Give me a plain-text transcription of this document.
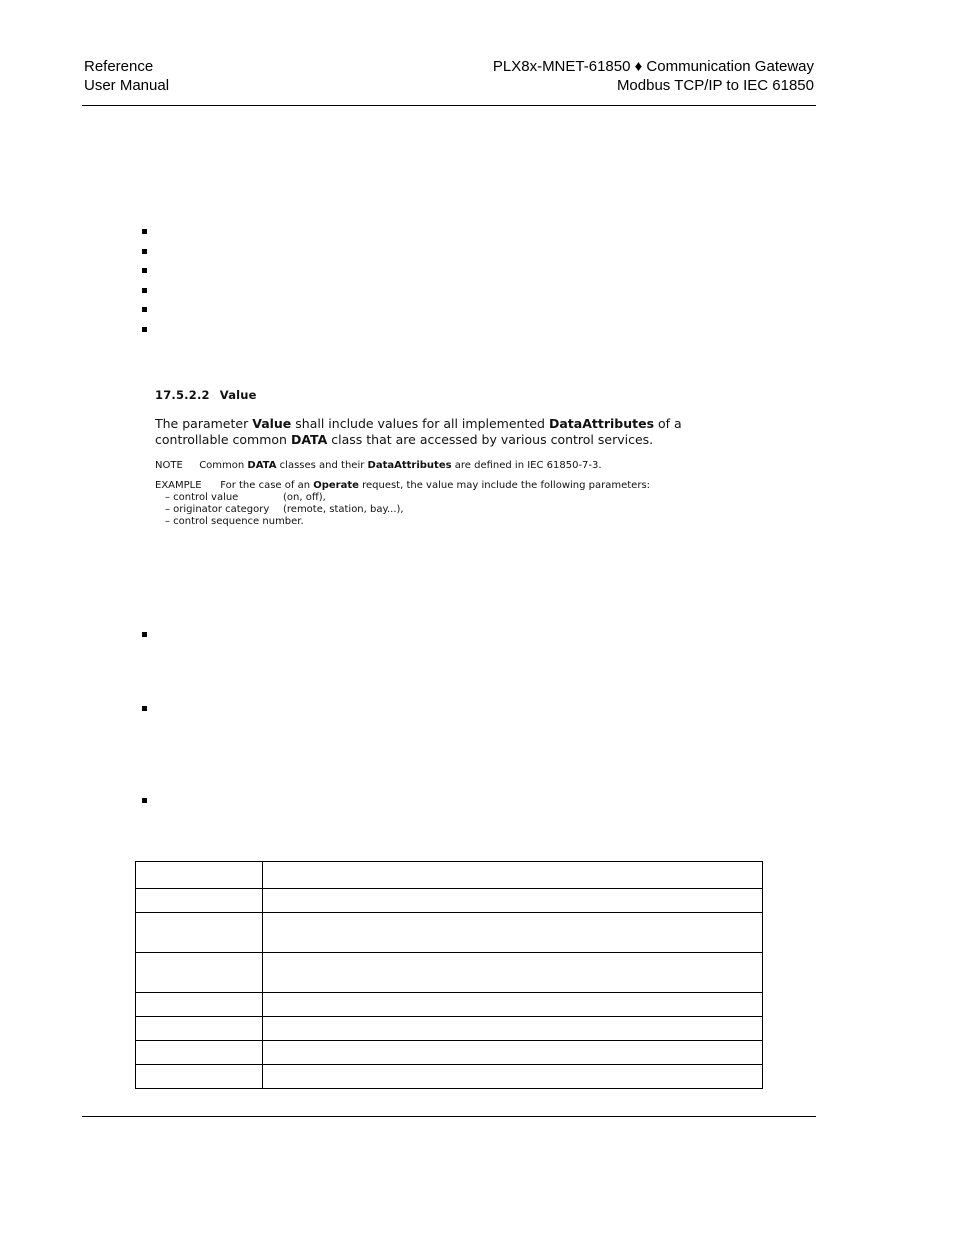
Reference
User Manual
PLX8x-MNET-61850 ♦ Communication Gateway
Modbus TCP/IP to IEC 61850
17.5.2.2 Value
The parameter Value shall include values for all implemented DataAttributes of a controllable common DATA class that are accessed by various control services.
NOTE Common DATA classes and their DataAttributes are defined in IEC 61850-7-3.
EXAMPLE For the case of an Operate request, the value may include the following parameters:
– control value	(on, off),
– originator category (remote, station, bay...),
– control sequence number.
